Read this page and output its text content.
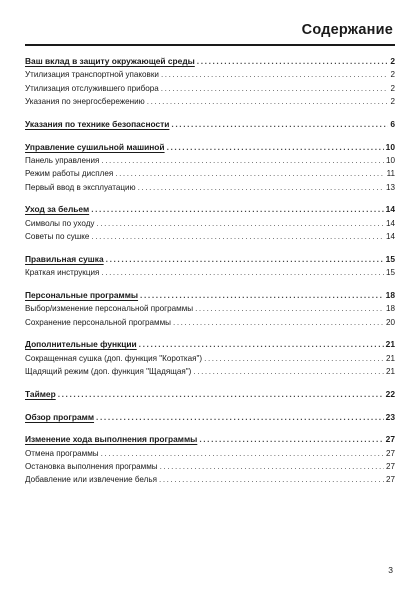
Содержание
Ваш вклад в защиту окружающей среды .....	2
Утилизация транспортной упаковки .....	2
Утилизация отслужившего прибора .....	2
Указания по энергосбережению .....	2
Указания по технике безопасности .....	6
Управление сушильной машиной .....	10
Панель управления .....	10
Режим работы дисплея .....	11
Первый ввод в эксплуатацию .....	13
Уход за бельем .....	14
Символы по уходу .....	14
Советы по сушке .....	14
Правильная сушка .....	15
Краткая инструкция .....	15
Персональные программы .....	18
Выбор/изменение персональной программы .....	18
Сохранение персональной программы .....	20
Дополнительные функции .....	21
Сокращенная сушка (доп. функция "Короткая") .....	21
Щадящий режим (доп. функция "Щадящая") .....	21
Таймер .....	22
Обзор программ .....	23
Изменение хода выполнения программы .....	27
Отмена программы .....	27
Остановка выполнения программы .....	27
Добавление или извлечение белья .....	27
3
